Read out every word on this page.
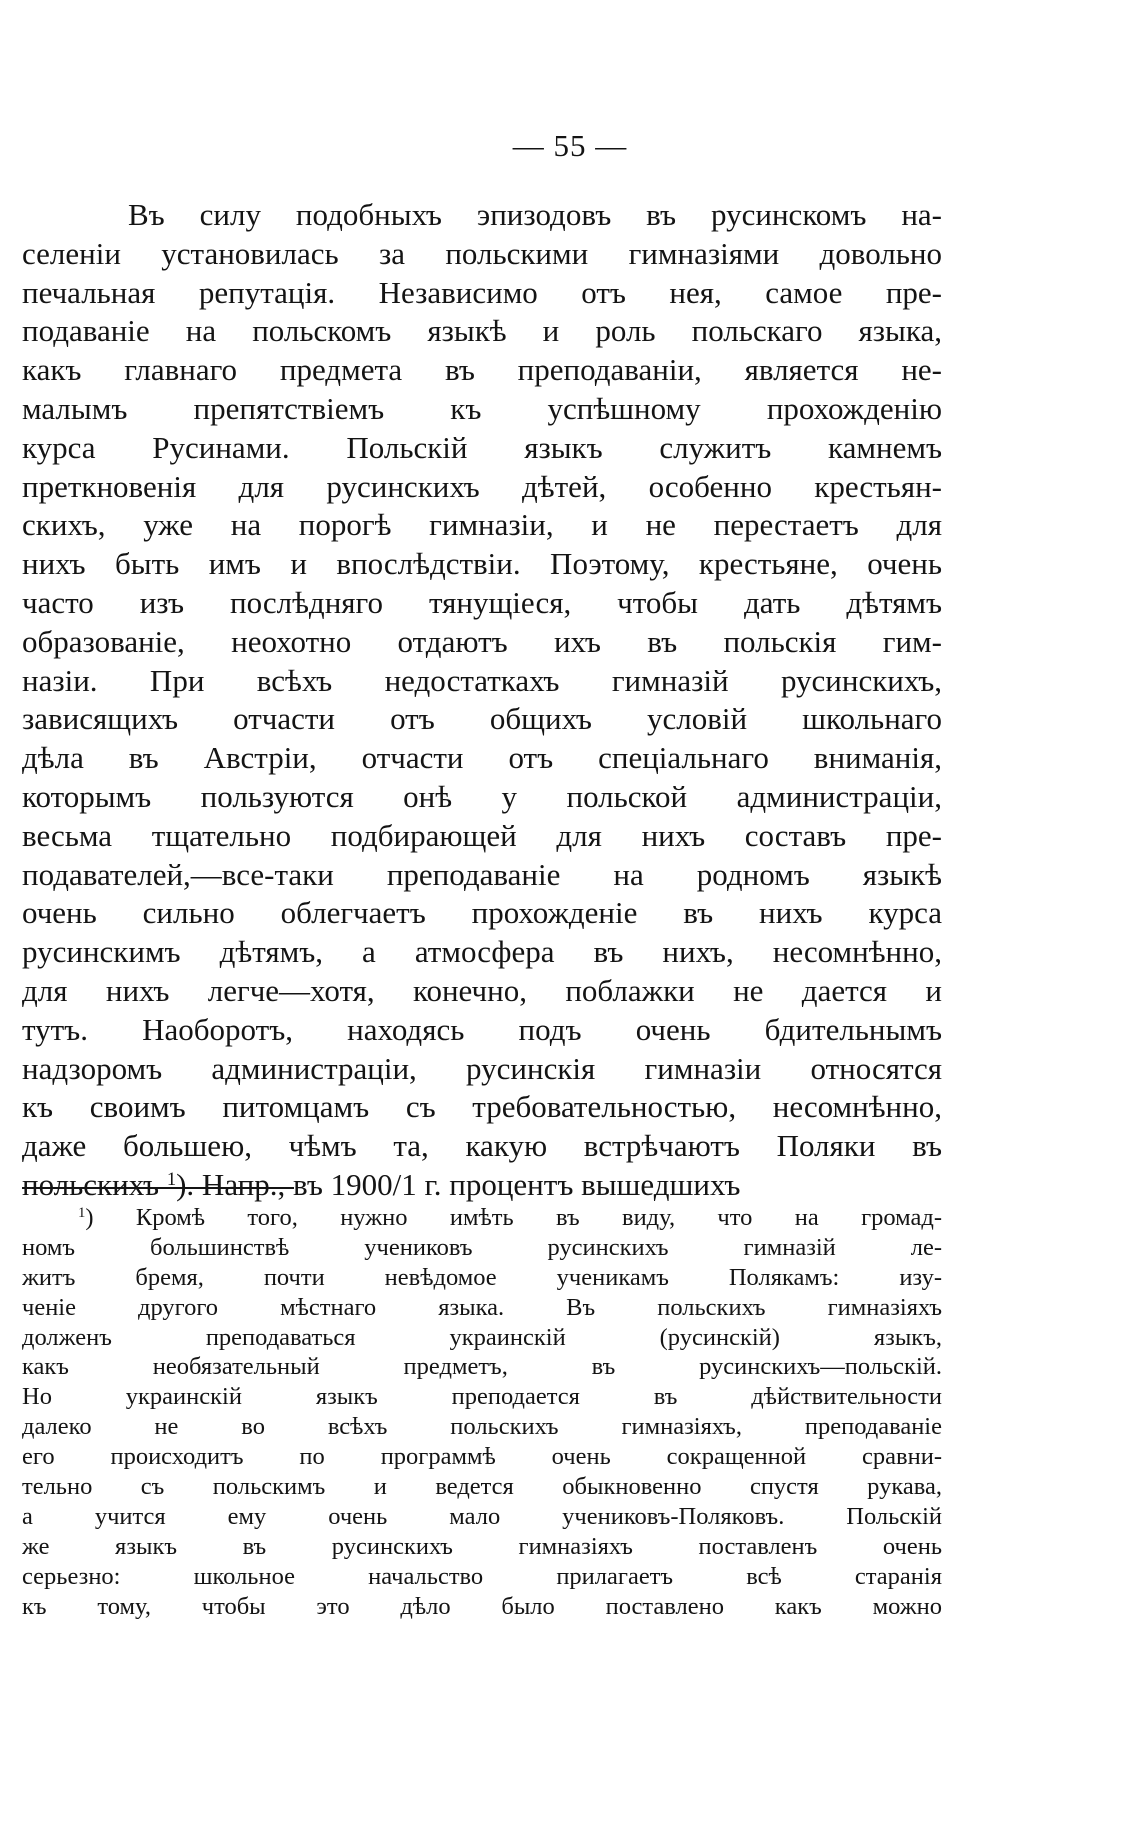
— 55 —
Въ силу подобныхъ эпизодовъ въ русинскомъ на-
селеніи установилась за польскими гимназіями довольно
печальная репутація. Независимо отъ нея, самое пре-
подаваніе на польскомъ языкѣ и роль польскаго языка,
какъ главнаго предмета въ преподаваніи, является не-
малымъ препятствіемъ къ успѣшному прохожденію
курса Русинами. Польскій языкъ служитъ камнемъ
преткновенія для русинскихъ дѣтей, особенно крестьян-
скихъ, уже на порогѣ гимназіи, и не перестаетъ для
нихъ быть имъ и впослѣдствіи. Поэтому, крестьяне, очень
часто изъ послѣдняго тянущіеся, чтобы дать дѣтямъ
образованіе, неохотно отдаютъ ихъ въ польскія гим-
назіи. При всѣхъ недостаткахъ гимназій русинскихъ,
зависящихъ отчасти отъ общихъ условій школьнаго
дѣла въ Австріи, отчасти отъ спеціальнаго вниманія,
которымъ пользуются онѣ у польской администраціи,
весьма тщательно подбирающей для нихъ составъ пре-
подавателей,—все-таки преподаваніе на родномъ языкѣ
очень сильно облегчаетъ прохожденіе въ нихъ курса
русинскимъ дѣтямъ, а атмосфера въ нихъ, несомнѣнно,
для нихъ легче—хотя, конечно, поблажки не дается и
тутъ. Наоборотъ, находясь подъ очень бдительнымъ
надзоромъ администраціи, русинскія гимназіи относятся
къ своимъ питомцамъ съ требовательностью, несомнѣнно,
даже большею, чѣмъ та, какую встрѣчаютъ Поляки въ
польскихъ $^1$). Напр., въ 1900/1 г. процентъ вышедшихъ
$^1$) Кромѣ того, нужно имѣть въ виду, что на громад-
номъ большинствѣ учениковъ русинскихъ гимназій ле-
житъ бремя, почти невѣдомое ученикамъ Полякамъ: изу-
ченіе другого мѣстнаго языка. Въ польскихъ гимназіяхъ
долженъ преподаваться украинскій (русинскій) языкъ,
какъ необязательный предметъ, въ русинскихъ—польскій.
Но украинскій языкъ преподается въ дѣйствительности
далеко не во всѣхъ польскихъ гимназіяхъ, преподаваніе
его происходитъ по программѣ очень сокращенной сравни-
тельно съ польскимъ и ведется обыкновенно спустя рукава,
а учится ему очень мало учениковъ-Поляковъ. Польскій
же языкъ въ русинскихъ гимназіяхъ поставленъ очень
серьезно: школьное начальство прилагаетъ всѣ старанія
къ тому, чтобы это дѣло было поставлено какъ можно
